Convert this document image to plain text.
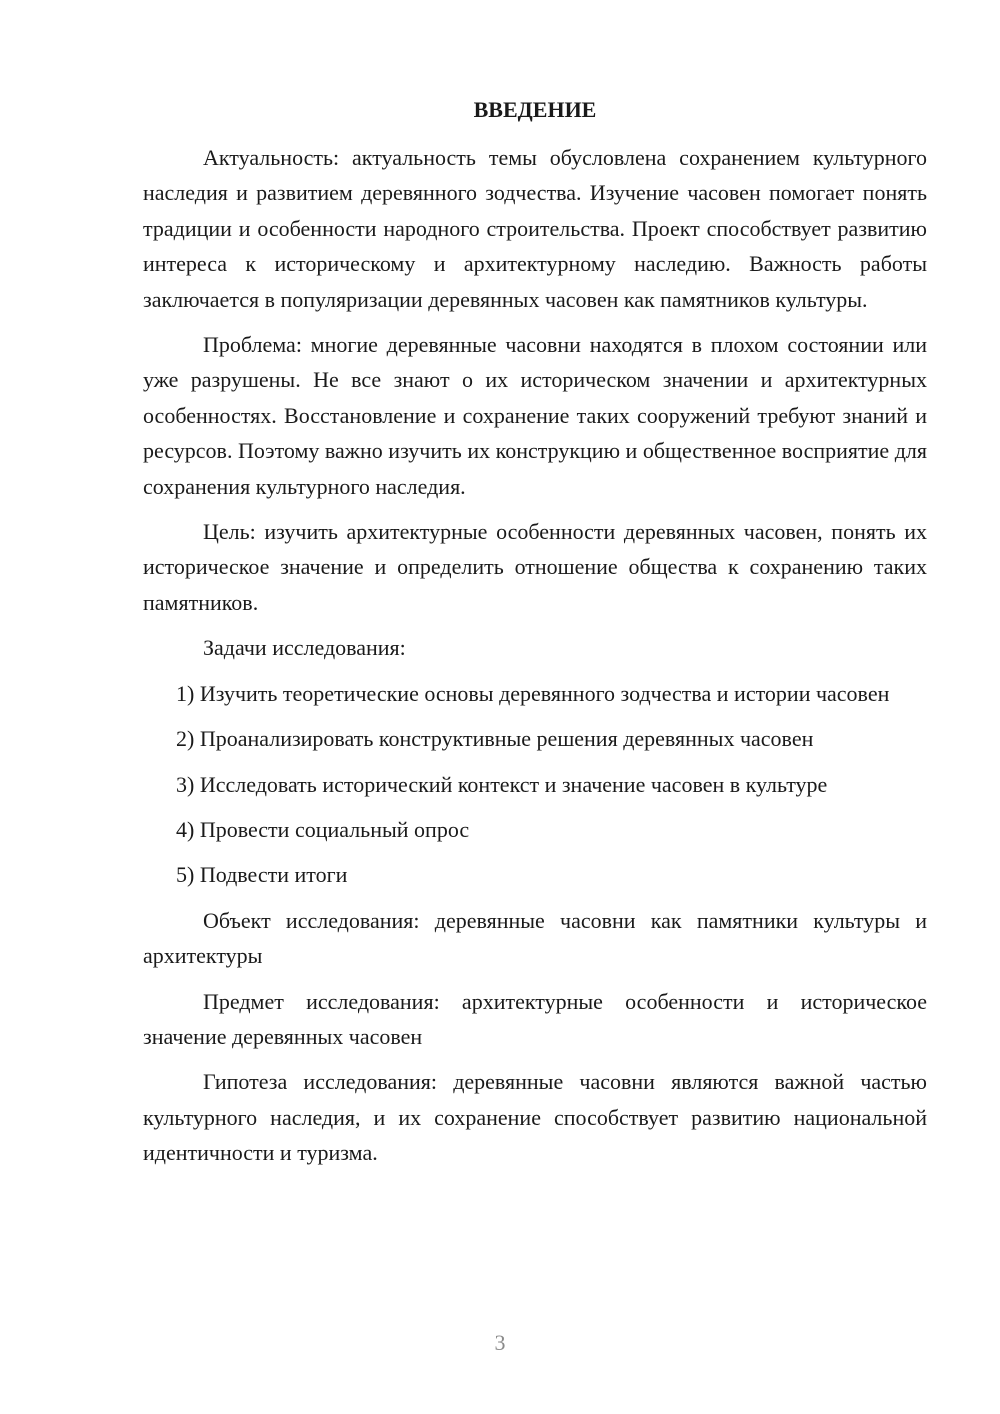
ВВЕДЕНИЕ

Актуальность: актуальность темы обусловлена сохранением культурного наследия и развитием деревянного зодчества. Изучение часовен помогает понять традиции и особенности народного строительства. Проект способствует развитию интереса к историческому и архитектурному наследию. Важность работы заключается в популяризации деревянных часовен как памятников культуры.

Проблема: многие деревянные часовни находятся в плохом состоянии или уже разрушены. Не все знают о их историческом значении и архитектурных особенностях. Восстановление и сохранение таких сооружений требуют знаний и ресурсов. Поэтому важно изучить их конструкцию и общественное восприятие для сохранения культурного наследия.

Цель: изучить архитектурные особенности деревянных часовен, понять их историческое значение и определить отношение общества к сохранению таких памятников.

Задачи исследования:

1) Изучить теоретические основы деревянного зодчества и истории часовен

2) Проанализировать конструктивные решения деревянных часовен

3) Исследовать исторический контекст и значение часовен в культуре

4) Провести социальный опрос

5) Подвести итоги

Объект исследования: деревянные часовни как памятники культуры и архитектуры

Предмет исследования: архитектурные особенности и историческое значение деревянных часовен

Гипотеза исследования: деревянные часовни являются важной частью культурного наследия, и их сохранение способствует развитию национальной идентичности и туризма.

3
